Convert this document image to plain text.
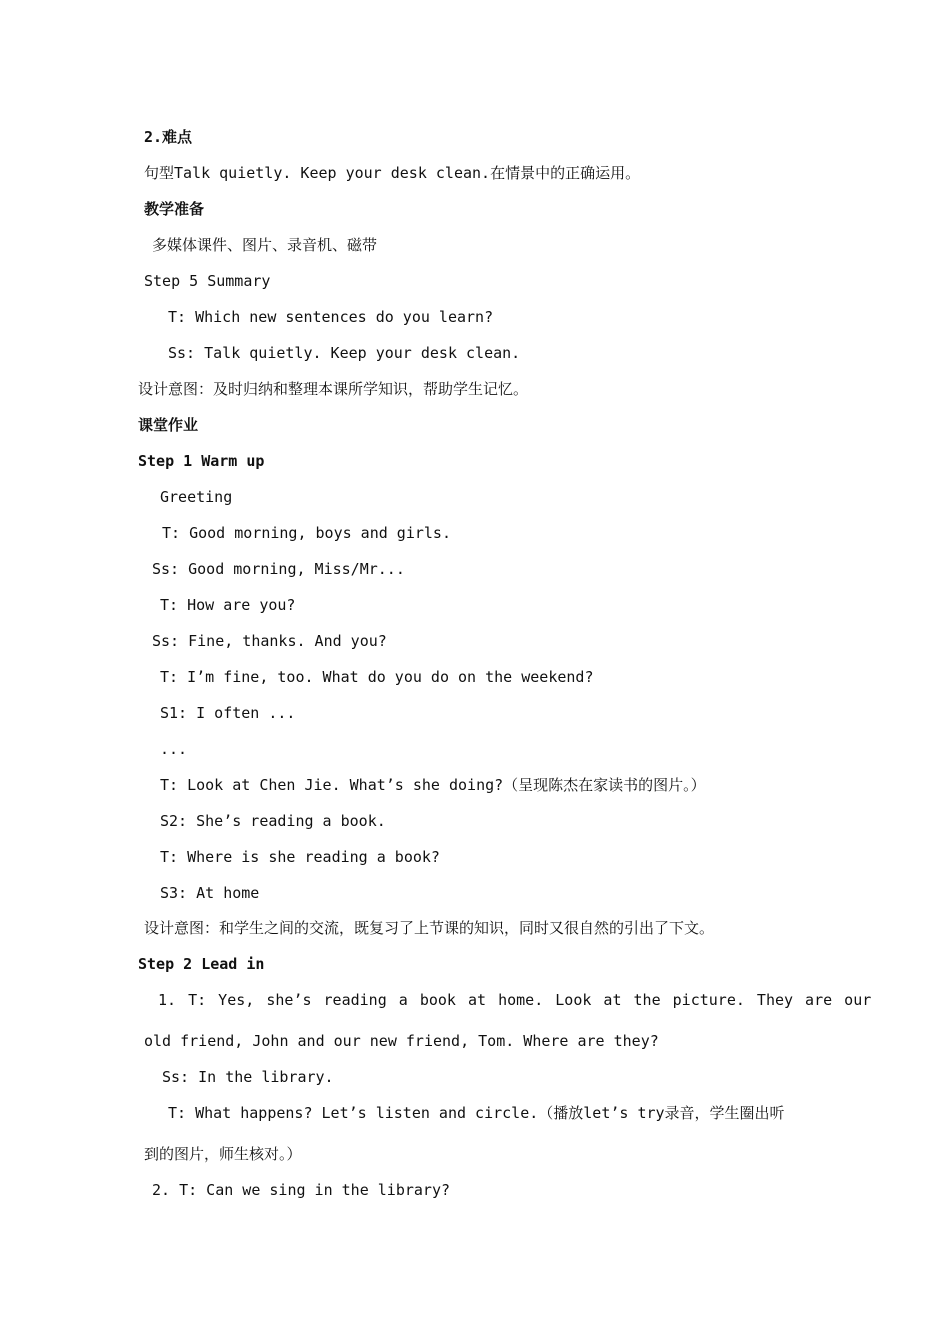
2.难点
句型Talk quietly. Keep your desk clean.在情景中的正确运用。
教学准备
多媒体课件、图片、录音机、磁带
Step 5 Summary
T: Which new sentences do you learn?
Ss: Talk quietly. Keep your desk clean.
设计意图：及时归纳和整理本课所学知识，帮助学生记忆。
课堂作业
Step 1 Warm up
Greeting
T: Good morning, boys and girls.
Ss: Good morning, Miss/Mr...
T: How are you?
Ss: Fine, thanks. And you?
T: I’m fine, too. What do you do on the weekend?
S1: I often ...
...
T: Look at Chen Jie. What’s she doing?（呈现陈杰在家读书的图片。）
S2: She’s reading a book.
T: Where is she reading a book?
S3: At home
设计意图：和学生之间的交流，既复习了上节课的知识，同时又很自然的引出了下文。
Step 2 Lead in
1. T: Yes, she’s reading a book at home. Look at the picture. They are our
old friend, John and our new friend, Tom. Where are they?
Ss: In the library.
T: What happens? Let’s listen and circle.（播放let’s try录音，学生圈出听
到的图片，师生核对。）
2. T: Can we sing in the library?
